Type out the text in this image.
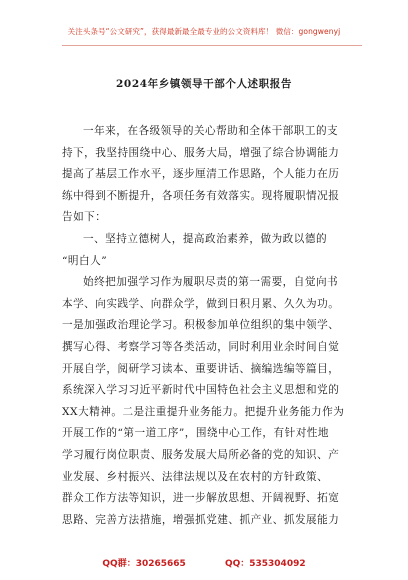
关注头条号“公文研究”，获得最新最全最专业的公文资料库！ 微信：gongwenyj
2024年乡镇领导干部个人述职报告
一年来，在各级领导的关心帮助和全体干部职工的支
持下，我坚持围绕中心、服务大局，增强了综合协调能力
提高了基层工作水平，逐步厘清工作思路，个人能力在历
练中得到不断提升，各项任务有效落实。现将履职情况报
告如下：
一、坚持立德树人，提高政治素养，做为政以德的
“明白人”
始终把加强学习作为履职尽责的第一需要，自觉向书
本学、向实践学、向群众学，做到日积月累、久久为功。
一是加强政治理论学习。积极参加单位组织的集中领学、
撰写心得、考察学习等各类活动，同时利用业余时间自觉
开展自学，阅研学习读本、重要讲话、摘编选编等篇目，
系统深入学习习近平新时代中国特色社会主义思想和党的
XX大精神。二是注重提升业务能力。把提升业务能力作为
开展工作的“第一道工序”，围绕中心工作，有针对性地
学习履行岗位职责、服务发展大局所必备的党的知识、产
业发展、乡村振兴、法律法规以及在农村的方针政策、
群众工作方法等知识，进一步解放思想、开阔视野、拓宽
思路、完善方法措施，增强抓党建、抓产业、抓发展能力
QQ群：30265665	QQ：535304092
